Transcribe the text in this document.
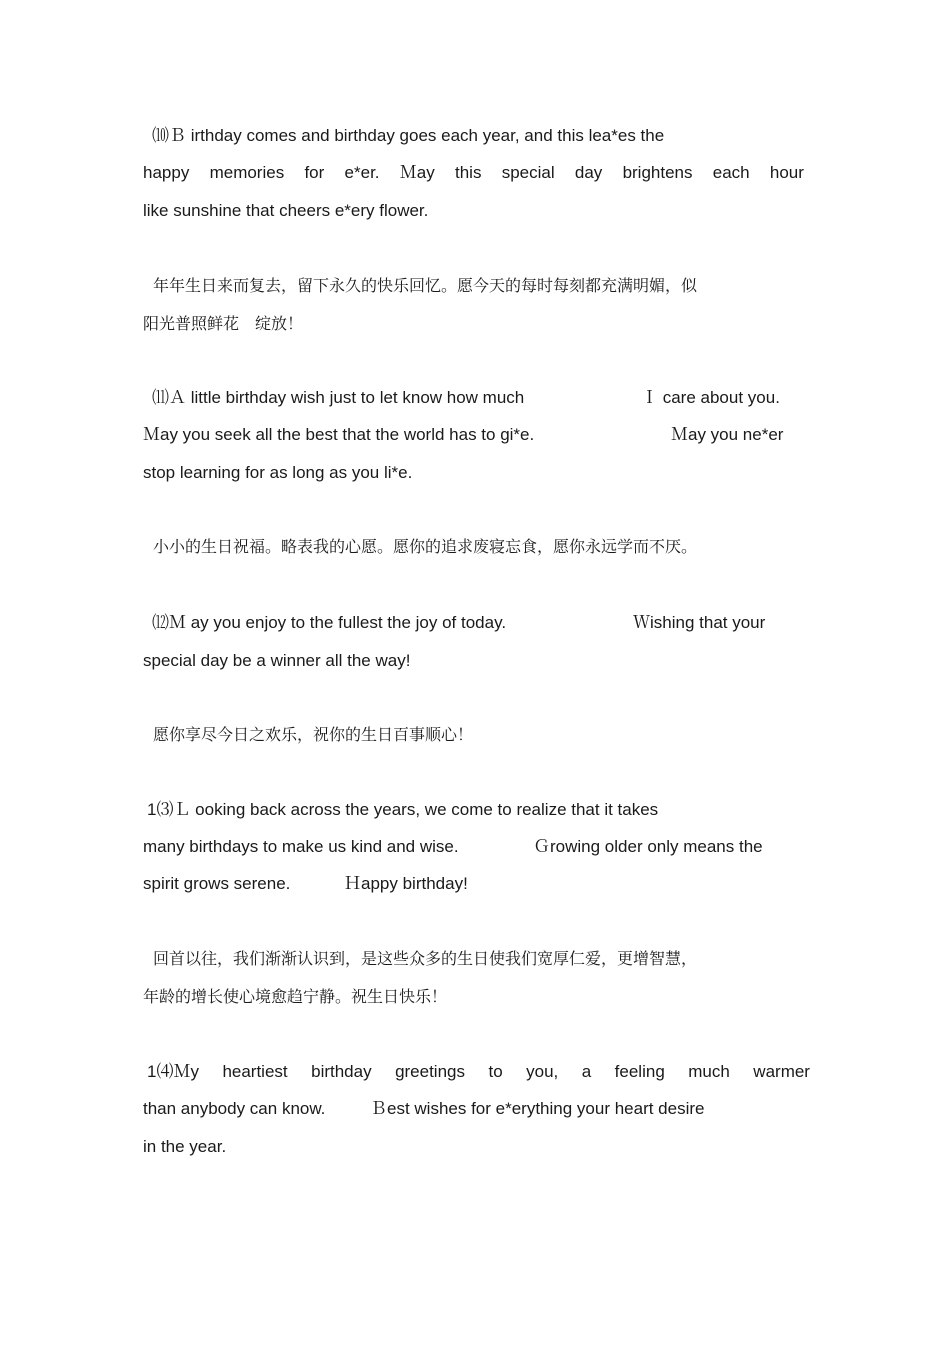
⑽Ｂ irthday comes and birthday goes each year, and this lea*es the
happy memories for e*er. Ｍay this special day brightens each hour
like sunshine that cheers e*ery flower.
年年生日来而复去，留下永久的快乐回忆。愿今天的每时每刻都充满明媚，似
阳光普照鲜花　绽放！
⑾Ａ little birthday wish just to let know how much	Ｉ care about you.
Ｍay you seek all the best that the world has to gi*e.	Ｍay you ne*er
stop learning for as long as you li*e.
小小的生日祝福。略表我的心愿。愿你的追求废寝忘食，愿你永远学而不厌。
⑿Ｍ ay you enjoy to the fullest the joy of today.	Ｗishing that your
special day be a winner all the way!
愿你享尽今日之欢乐，祝你的生日百事顺心！
1⑶Ｌ ooking back across the years, we come to realize that it takes
many birthdays to make us kind and wise.	Ｇrowing older only means the
spirit grows serene.	Ｈappy birthday!
回首以往，我们渐渐认识到，是这些众多的生日使我们宽厚仁爱，更增智慧，
年龄的增长使心境愈趋宁静。祝生日快乐！
1⑷Ｍy heartiest birthday greetings to you, a feeling much warmer
than anybody can know.	Ｂest wishes for e*erything your heart desire
in the year.
